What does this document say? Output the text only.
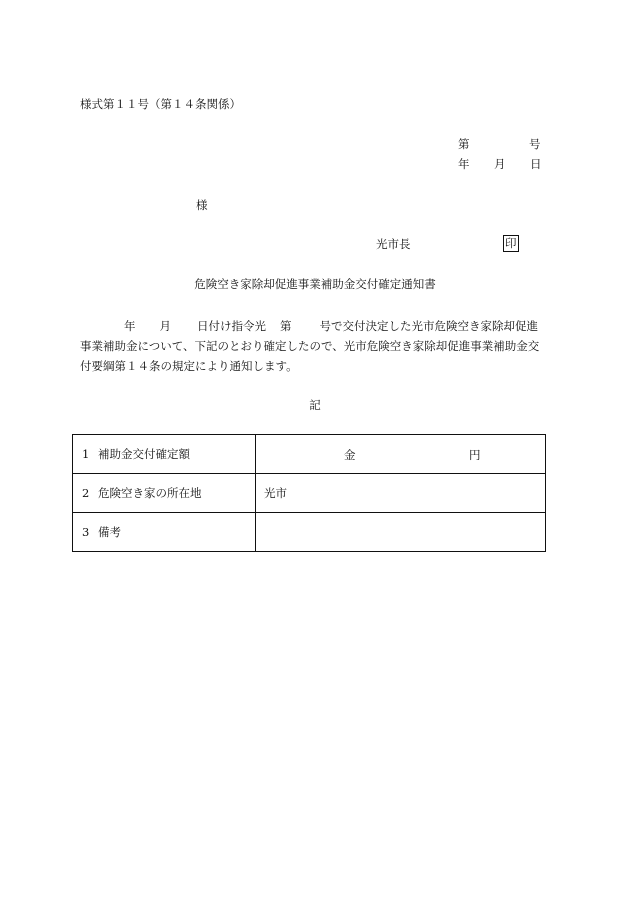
様式第１１号（第１４条関係）
第	号
年 月 日
様
光市長	印
危険空き家除却促進事業補助金交付確定通知書
年 月 日付け指令光 第 号で交付決定した光市危険空き家除却促進
事業補助金について、下記のとおり確定したので、光市危険空き家除却促進事業補助金交
付要綱第１４条の規定により通知します。
記
1 補助金交付確定額	金 円

2 危険空き家の所在地	光市
3 備考	
